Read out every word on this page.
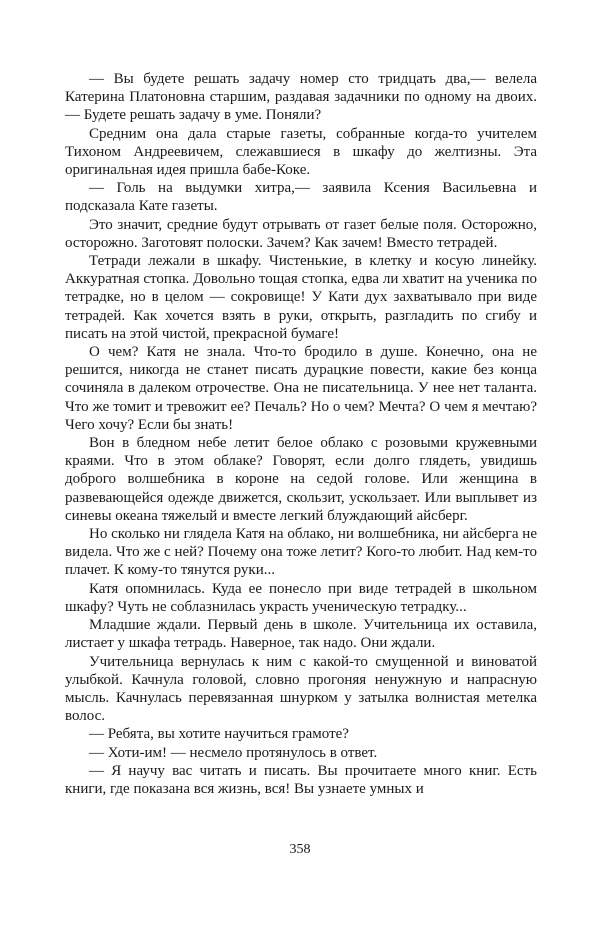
— Вы будете решать задачу номер сто тридцать два,— велела Катерина Платоновна старшим, раздавая задачники по одному на двоих.— Будете решать задачу в уме. Поняли?

Средним она дала старые газеты, собранные когда-то учителем Тихоном Андреевичем, слежавшиеся в шкафу до желтизны. Эта оригинальная идея пришла бабе-Коке.

— Голь на выдумки хитра,— заявила Ксения Васильевна и подсказала Кате газеты.

Это значит, средние будут отрывать от газет белые поля. Осторожно, осторожно. Заготовят полоски. Зачем? Как зачем! Вместо тетрадей.

Тетради лежали в шкафу. Чистенькие, в клетку и косую линейку. Аккуратная стопка. Довольно тощая стопка, едва ли хватит на ученика по тетрадке, но в целом — сокровище! У Кати дух захватывало при виде тетрадей. Как хочется взять в руки, открыть, разгладить по сгибу и писать на этой чистой, прекрасной бумаге!

О чем? Катя не знала. Что-то бродило в душе. Конечно, она не решится, никогда не станет писать дурацкие повести, какие без конца сочиняла в далеком отрочестве. Она не писательница. У нее нет таланта. Что же томит и тревожит ее? Печаль? Но о чем? Мечта? О чем я мечтаю? Чего хочу? Если бы знать!

Вон в бледном небе летит белое облако с розовыми кружевными краями. Что в этом облаке? Говорят, если долго глядеть, увидишь доброго волшебника в короне на седой голове. Или женщина в развевающейся одежде движется, скользит, ускользает. Или выплывет из синевы океана тяжелый и вместе легкий блуждающий айсберг.

Но сколько ни глядела Катя на облако, ни волшебника, ни айсберга не видела. Что же с ней? Почему она тоже летит? Кого-то любит. Над кем-то плачет. К кому-то тянутся руки...

Катя опомнилась. Куда ее понесло при виде тетрадей в школьном шкафу? Чуть не соблазнилась украсть ученическую тетрадку...

Младшие ждали. Первый день в школе. Учительница их оставила, листает у шкафа тетрадь. Наверное, так надо. Они ждали.

Учительница вернулась к ним с какой-то смущенной и виноватой улыбкой. Качнула головой, словно прогоняя ненужную и напрасную мысль. Качнулась перевязанная шнурком у затылка волнистая метелка волос.

— Ребята, вы хотите научиться грамоте?

— Хоти-им! — несмело протянулось в ответ.

— Я научу вас читать и писать. Вы прочитаете много книг. Есть книги, где показана вся жизнь, вся! Вы узнаете умных и

358
